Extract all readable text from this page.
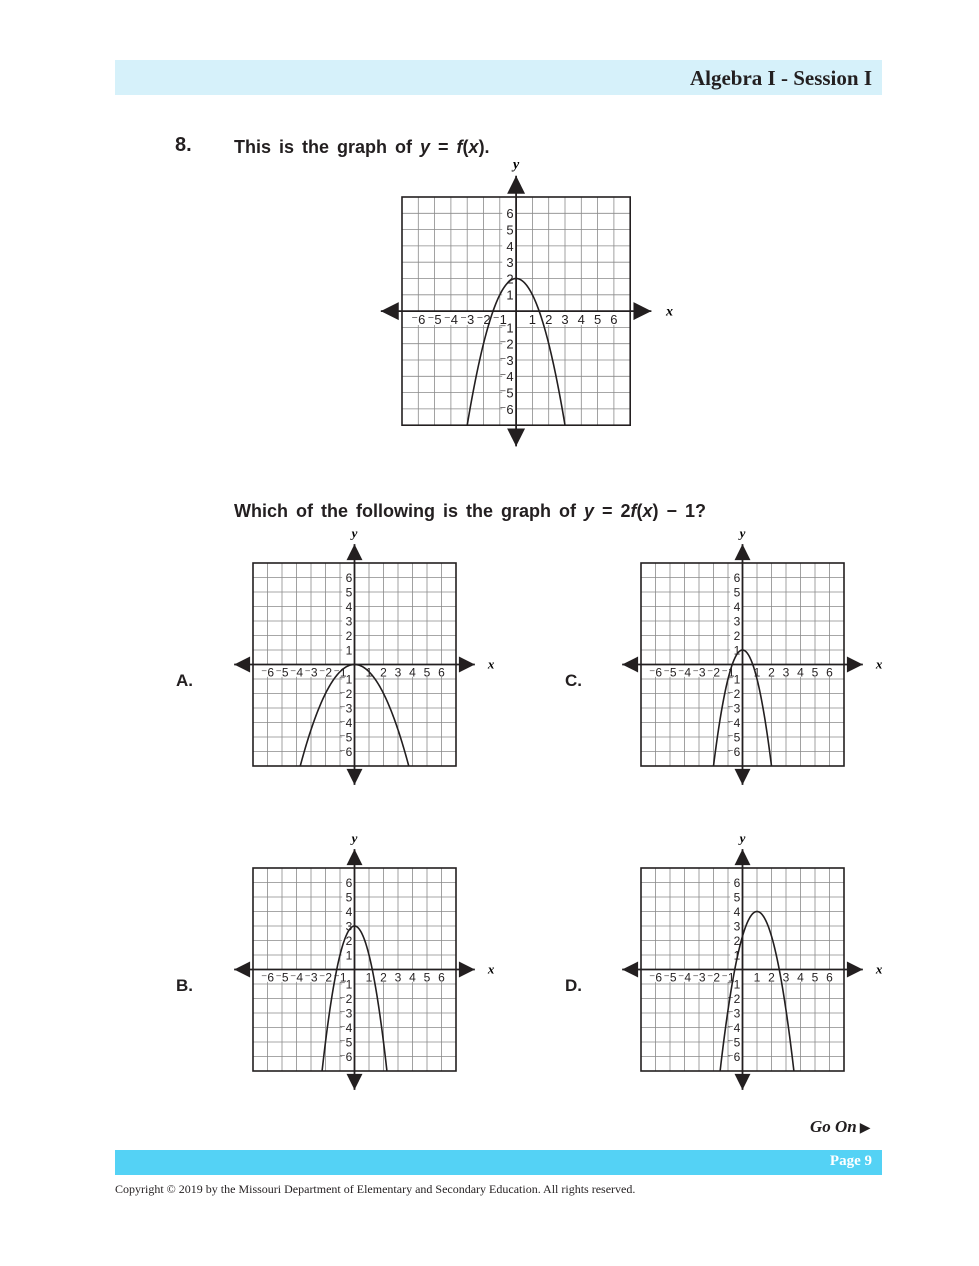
Algebra I - Session I
8. This is the graph of y = f(x).
x
y
⁻6 ⁻5 ⁻4 ⁻3 ⁻2 ⁻1 1 2 3 4 5 6
6
5
4
3
2
1
⁻1
⁻2
⁻3
⁻4
⁻5
⁻6
Which of the following is the graph of y = 2f(x) − 1?
A.
x
y
⁻6 ⁻5 ⁻4 ⁻3 ⁻2 ⁻1 1 2 3 4 5 6
6
5
4
3
2
1
⁻1
⁻2
⁻3
⁻4
⁻5
⁻6
C.
x
y
⁻6 ⁻5 ⁻4 ⁻3 ⁻2 ⁻1 1 2 3 4 5 6
6
5
4
3
2
1
⁻1
⁻2
⁻3
⁻4
⁻5
⁻6
B.
x
y
⁻6 ⁻5 ⁻4 ⁻3 ⁻2 ⁻1 1 2 3 4 5 6
6
5
4
3
2
1
⁻1
⁻2
⁻3
⁻4
⁻5
⁻6
D.
x
y
⁻6 ⁻5 ⁻4 ⁻3 ⁻2 ⁻1 1 2 3 4 5 6
6
5
4
3
2
1
⁻1
⁻2
⁻3
⁻4
⁻5
⁻6
Go On ▶
Page 9
Copyright © 2019 by the Missouri Department of Elementary and Secondary Education. All rights reserved.
